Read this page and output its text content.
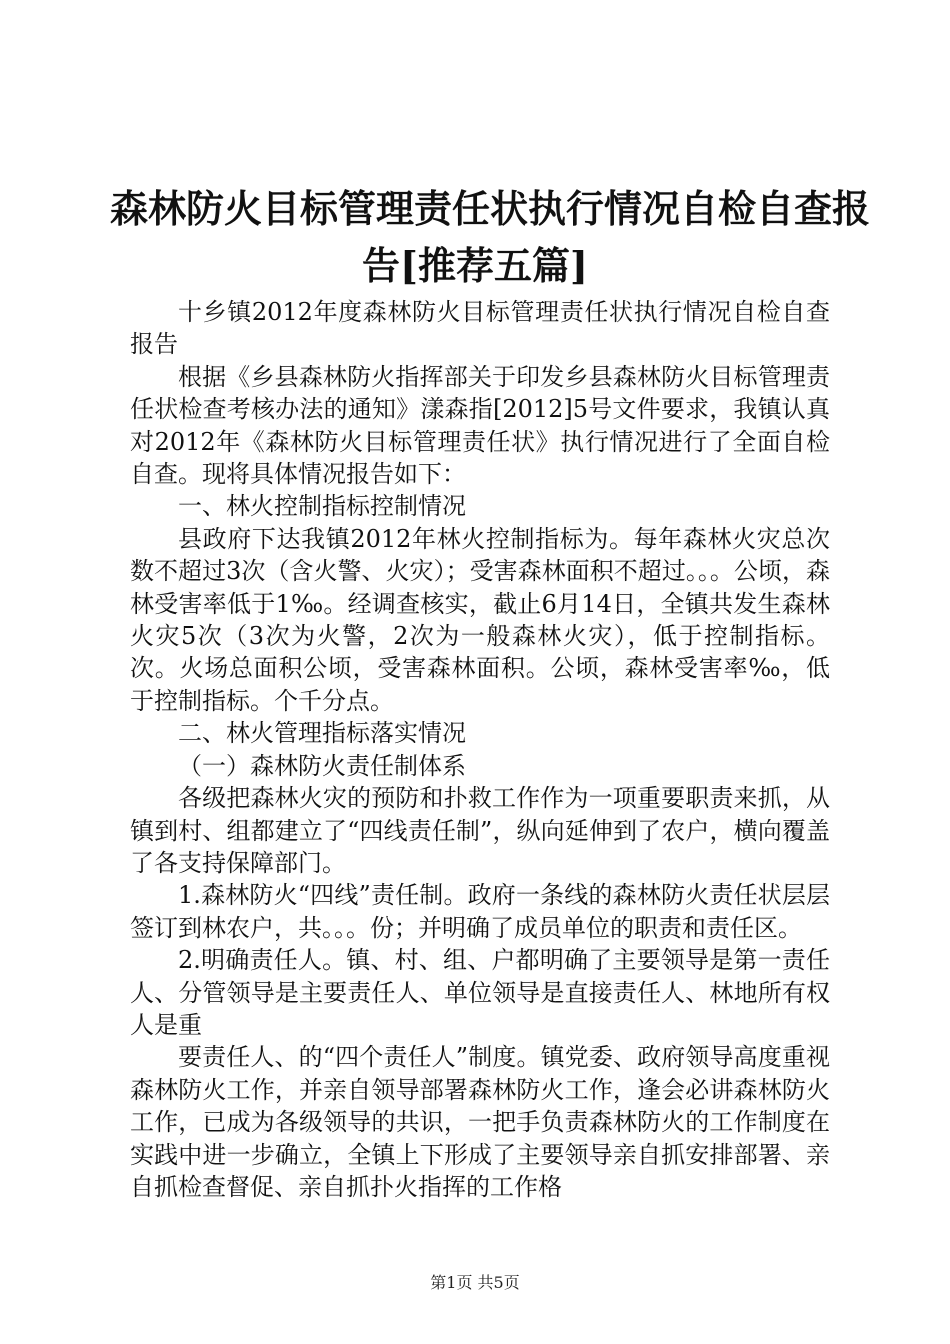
森林防火目标管理责任状执行情况自检自查报
告[推荐五篇]

十乡镇2012年度森林防火目标管理责任状执行情况自检自查报告

根据《乡县森林防火指挥部关于印发乡县森林防火目标管理责任状检查考核办法的通知》漾森指[2012]5号文件要求，我镇认真对2012年《森林防火目标管理责任状》执行情况进行了全面自检自查。现将具体情况报告如下：

一、林火控制指标控制情况

县政府下达我镇2012年林火控制指标为。每年森林火灾总次数不超过3次（含火警、火灾）；受害森林面积不超过。。。公顷，森林受害率低于1‰。经调查核实，截止6月14日，全镇共发生森林火灾5次（3次为火警，2次为一般森林火灾），低于控制指标。次。火场总面积公顷，受害森林面积。公顷，森林受害率‰，低于控制指标。个千分点。

二、林火管理指标落实情况

（一）森林防火责任制体系

各级把森林火灾的预防和扑救工作作为一项重要职责来抓，从镇到村、组都建立了“四线责任制”，纵向延伸到了农户，横向覆盖了各支持保障部门。

1.森林防火“四线”责任制。政府一条线的森林防火责任状层层签订到林农户，共。。。份；并明确了成员单位的职责和责任区。

2.明确责任人。镇、村、组、户都明确了主要领导是第一责任人、分管领导是主要责任人、单位领导是直接责任人、林地所有权人是重

要责任人、的“四个责任人”制度。镇党委、政府领导高度重视森林防火工作，并亲自领导部署森林防火工作，逢会必讲森林防火工作，已成为各级领导的共识，一把手负责森林防火的工作制度在实践中进一步确立，全镇上下形成了主要领导亲自抓安排部署、亲自抓检查督促、亲自抓扑火指挥的工作格

第1页 共5页
